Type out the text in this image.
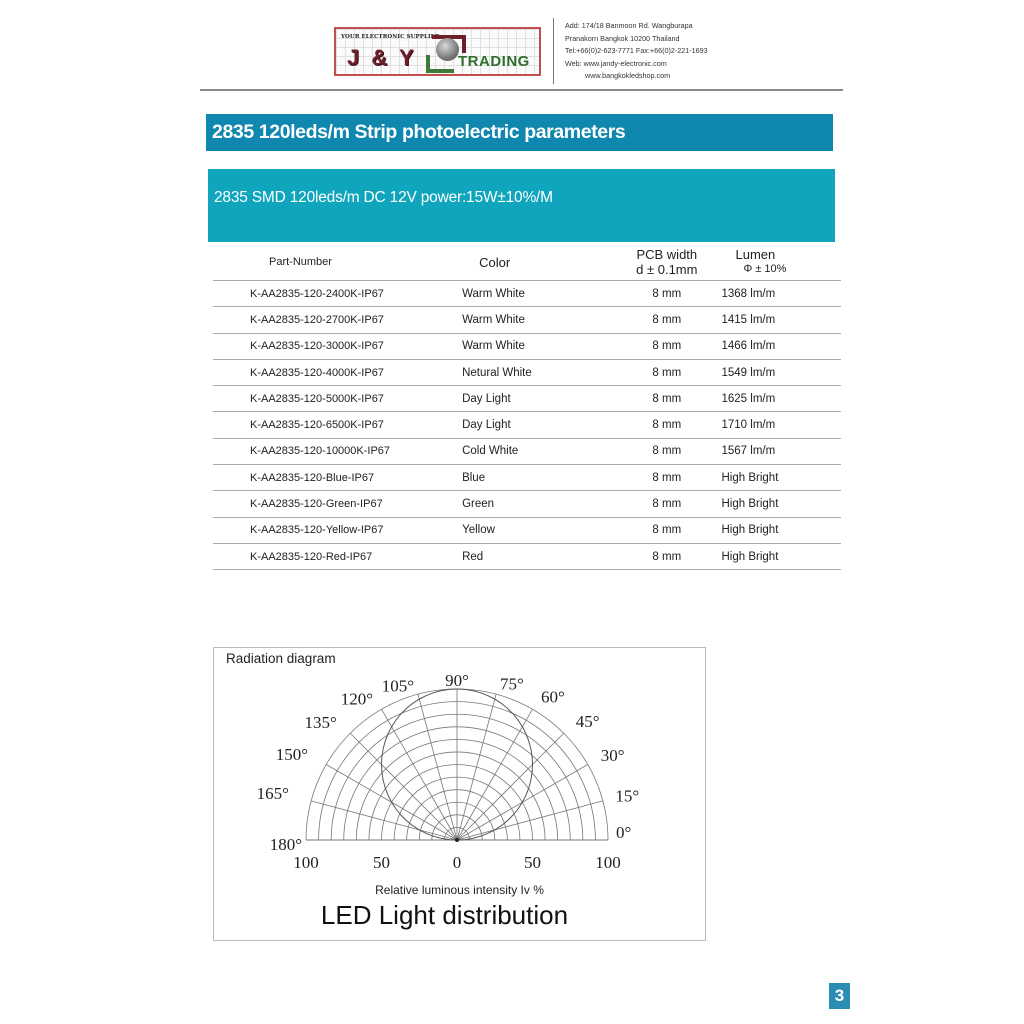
YOUR ELECTRONIC SUPPLIER
J & Y	TRADING
Add: 174/18 Banmoon Rd. Wangburapa
Pranakorn Bangkok 10200 Thailand
Tel:+66(0)2-623-7771 Fax:+66(0)2-221-1693
Web: www.jandy-electronic.com
www.bangkokledshop.com
2835 120leds/m Strip photoelectric parameters
2835 SMD 120leds/m DC 12V power:15W±10%/M
Part-Number	Color	PCB width
d ± 0.1mm	Lumen
Φ ± 10%

K-AA2835-120-2400K-IP67	Warm White	8 mm	1368 lm/m
K-AA2835-120-2700K-IP67	Warm White	8 mm	1415 lm/m
K-AA2835-120-3000K-IP67	Warm White	8 mm	1466 lm/m
K-AA2835-120-4000K-IP67	Netural White	8 mm	1549 lm/m
K-AA2835-120-5000K-IP67	Day Light	8 mm	1625 lm/m
K-AA2835-120-6500K-IP67	Day Light	8 mm	1710 lm/m
K-AA2835-120-10000K-IP67	Cold White	8 mm	1567 lm/m
K-AA2835-120-Blue-IP67	Blue	8 mm	High Bright
K-AA2835-120-Green-IP67	Green	8 mm	High Bright
K-AA2835-120-Yellow-IP67	Yellow	8 mm	High Bright
K-AA2835-120-Red-IP67	Red	8 mm	High Bright
Radiation diagram
0°
15°
30°
45°
60°
75°
90°
105°
120°
135°
150°
165°
180°
100	50	0	50	100
Relative luminous intensity Iv %
LED Light distribution
3
